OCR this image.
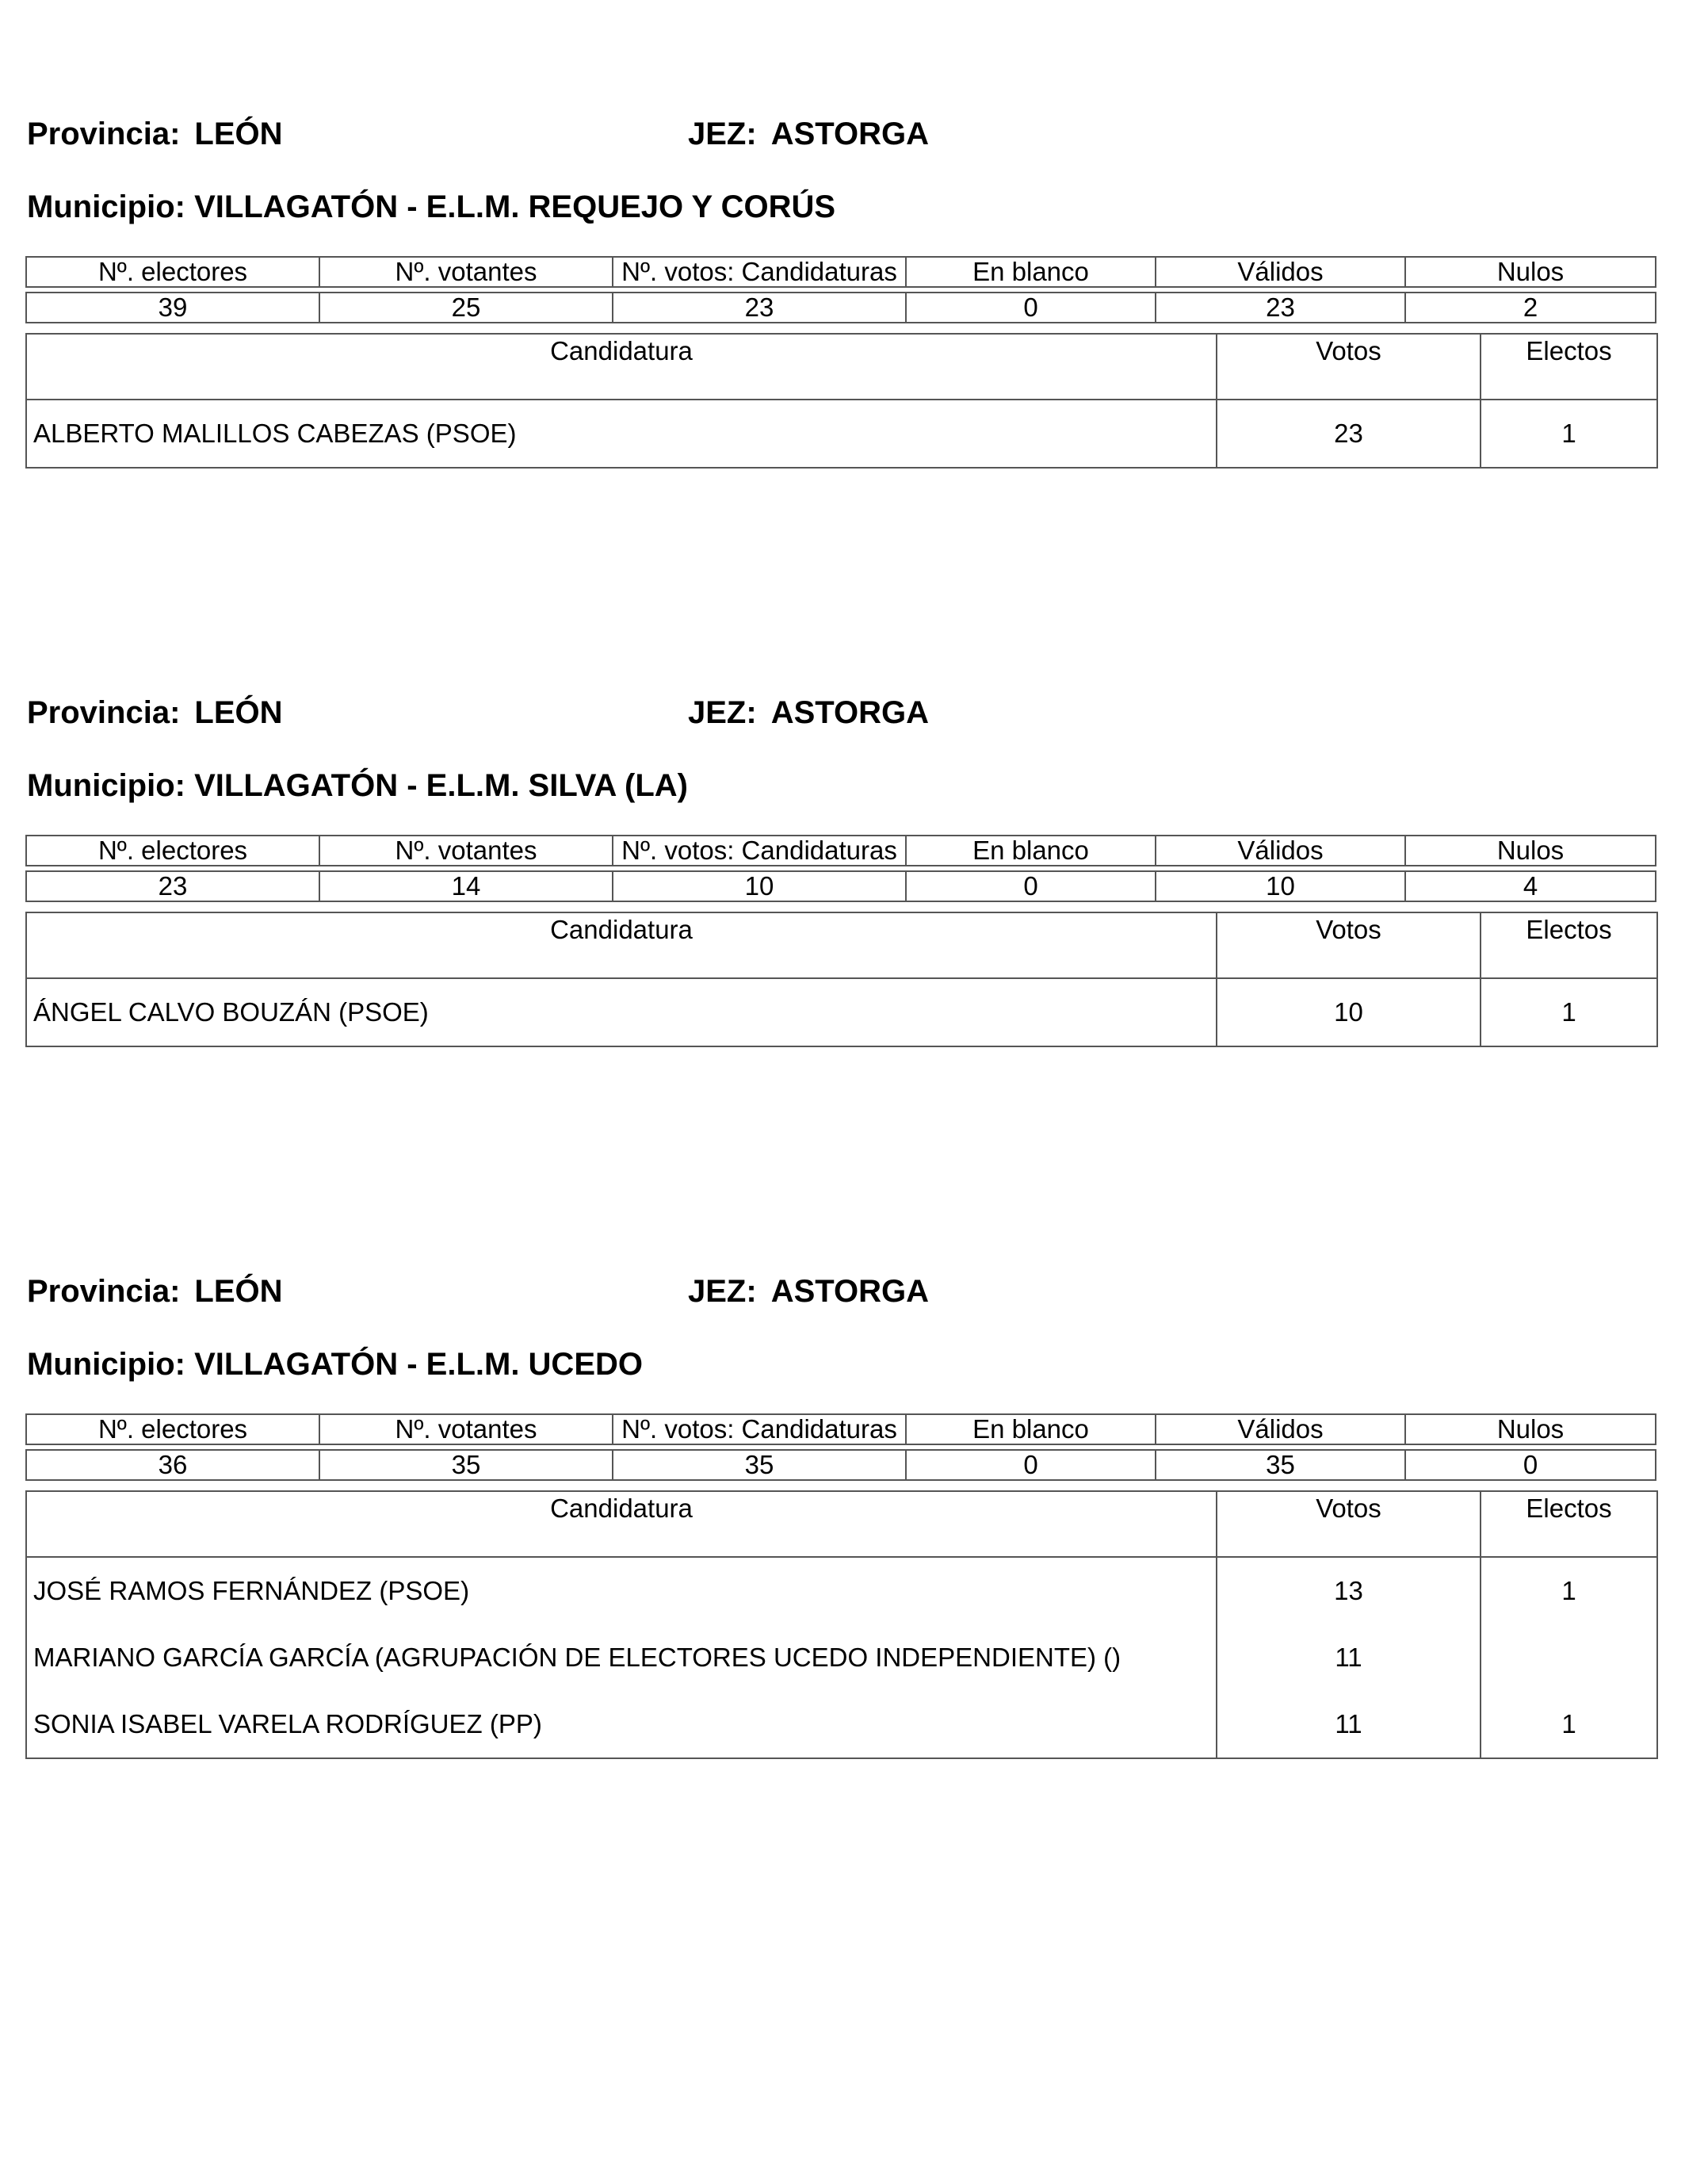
Provincia: LEÓN	JEZ: ASTORGA
Municipio: VILLAGATÓN - E.L.M. REQUEJO Y CORÚS
Nº. electores	Nº. votantes	Nº. votos: Candidaturas	En blanco	Válidos	Nulos

39	25	23	0	23	2
Candidatura	Votos	Electos
ALBERTO MALILLOS CABEZAS (PSOE)	23	1
Provincia: LEÓN	JEZ: ASTORGA
Municipio: VILLAGATÓN - E.L.M. SILVA (LA)
Nº. electores	Nº. votantes	Nº. votos: Candidaturas	En blanco	Válidos	Nulos

23	14	10	0	10	4
Candidatura	Votos	Electos
ÁNGEL CALVO BOUZÁN (PSOE)	10	1
Provincia: LEÓN	JEZ: ASTORGA
Municipio: VILLAGATÓN - E.L.M. UCEDO
Nº. electores	Nº. votantes	Nº. votos: Candidaturas	En blanco	Válidos	Nulos

36	35	35	0	35	0
Candidatura	Votos	Electos
JOSÉ RAMOS FERNÁNDEZ (PSOE)	13	1
MARIANO GARCÍA GARCÍA (AGRUPACIÓN DE ELECTORES UCEDO INDEPENDIENTE) ()	11	
SONIA ISABEL VARELA RODRÍGUEZ (PP)	11	1
